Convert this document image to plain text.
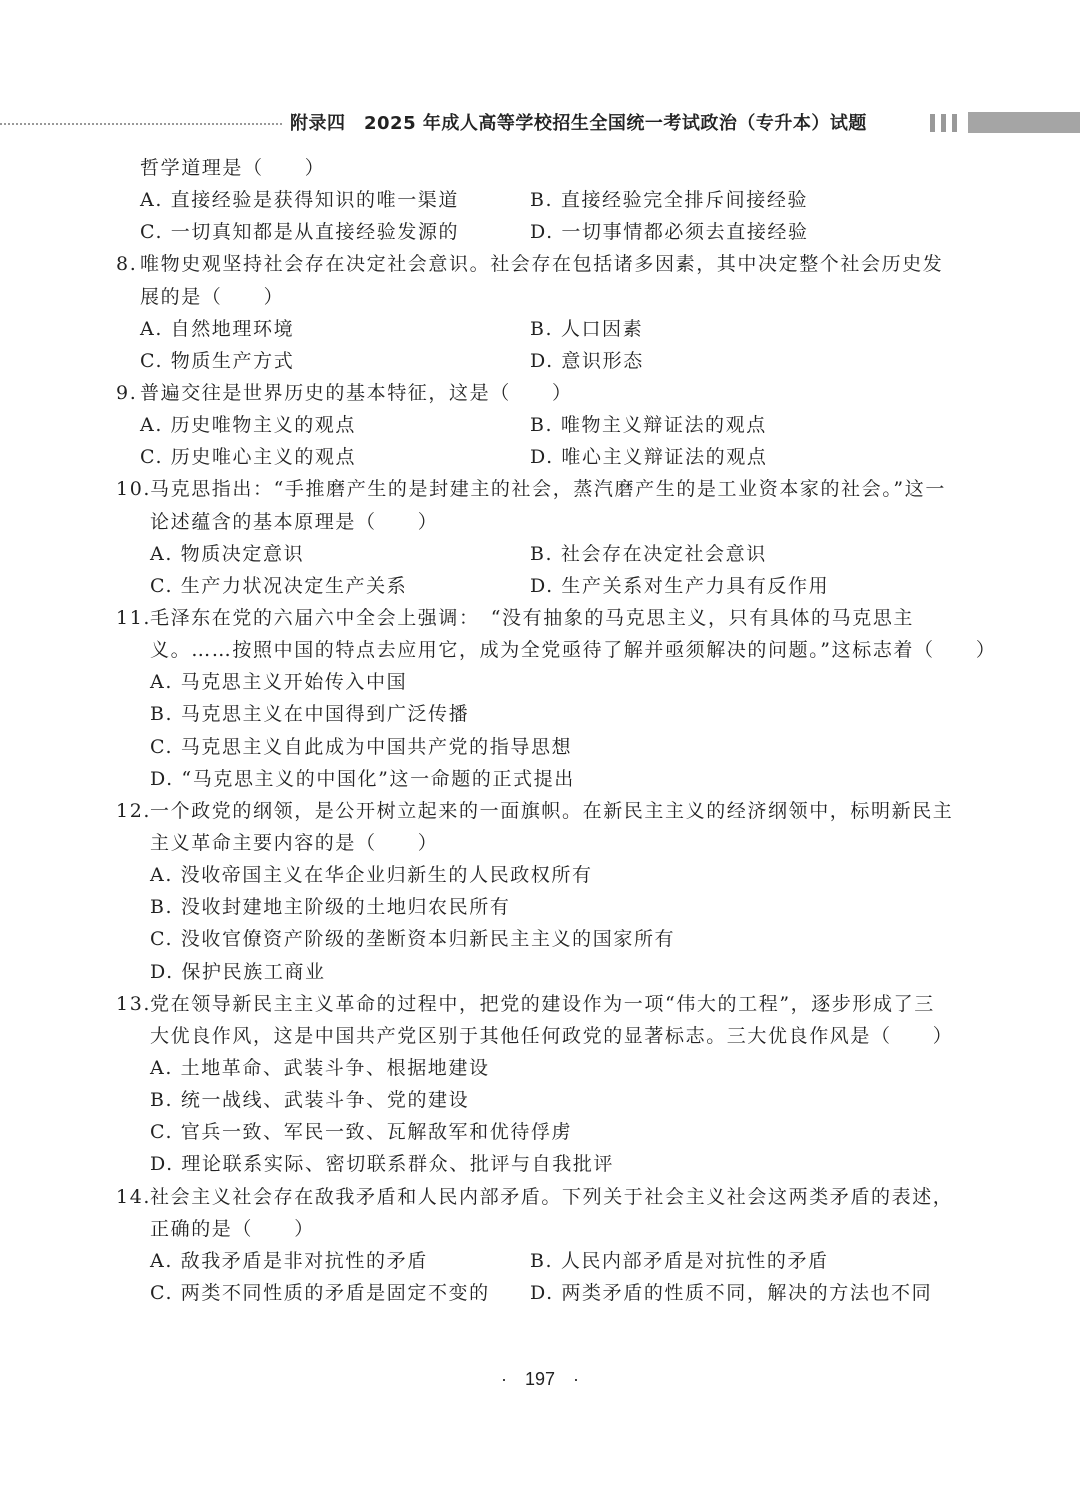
附录四　2025 年成人高等学校招生全国统一考试政治（专升本）试题
哲学道理是（　　）
A. 直接经验是获得知识的唯一渠道	B. 直接经验完全排斥间接经验
C. 一切真知都是从直接经验发源的	D. 一切事情都必须去直接经验
8. 唯物史观坚持社会存在决定社会意识。社会存在包括诸多因素，其中决定整个社会历史发
展的是（　　）
A. 自然地理环境	B. 人口因素
C. 物质生产方式	D. 意识形态
9. 普遍交往是世界历史的基本特征，这是（　　）
A. 历史唯物主义的观点	B. 唯物主义辩证法的观点
C. 历史唯心主义的观点	D. 唯心主义辩证法的观点
10.
马克思指出：“手推磨产生的是封建主的社会，蒸汽磨产生的是工业资本家的社会。”这一
论述蕴含的基本原理是（　　）
A. 物质决定意识	B. 社会存在决定社会意识
C. 生产力状况决定生产关系	D. 生产关系对生产力具有反作用
11.
毛泽东在党的六届六中全会上强调：　“没有抽象的马克思主义，只有具体的马克思主
义。……按照中国的特点去应用它，成为全党亟待了解并亟须解决的问题。”这标志着（　　）
A. 马克思主义开始传入中国
B. 马克思主义在中国得到广泛传播
C. 马克思主义自此成为中国共产党的指导思想
D. “马克思主义的中国化”这一命题的正式提出
12.
一个政党的纲领，是公开树立起来的一面旗帜。在新民主主义的经济纲领中，标明新民主
主义革命主要内容的是（　　）
A. 没收帝国主义在华企业归新生的人民政权所有
B. 没收封建地主阶级的土地归农民所有
C. 没收官僚资产阶级的垄断资本归新民主主义的国家所有
D. 保护民族工商业
13.
党在领导新民主主义革命的过程中，把党的建设作为一项“伟大的工程”，逐步形成了三
大优良作风，这是中国共产党区别于其他任何政党的显著标志。三大优良作风是（　　）
A. 土地革命、武装斗争、根据地建设
B. 统一战线、武装斗争、党的建设
C. 官兵一致、军民一致、瓦解敌军和优待俘虏
D. 理论联系实际、密切联系群众、批评与自我批评
14.
社会主义社会存在敌我矛盾和人民内部矛盾。下列关于社会主义社会这两类矛盾的表述，
正确的是（　　）
A. 敌我矛盾是非对抗性的矛盾	B. 人民内部矛盾是对抗性的矛盾
C. 两类不同性质的矛盾是固定不变的 D. 两类矛盾的性质不同，解决的方法也不同
·　197　·
